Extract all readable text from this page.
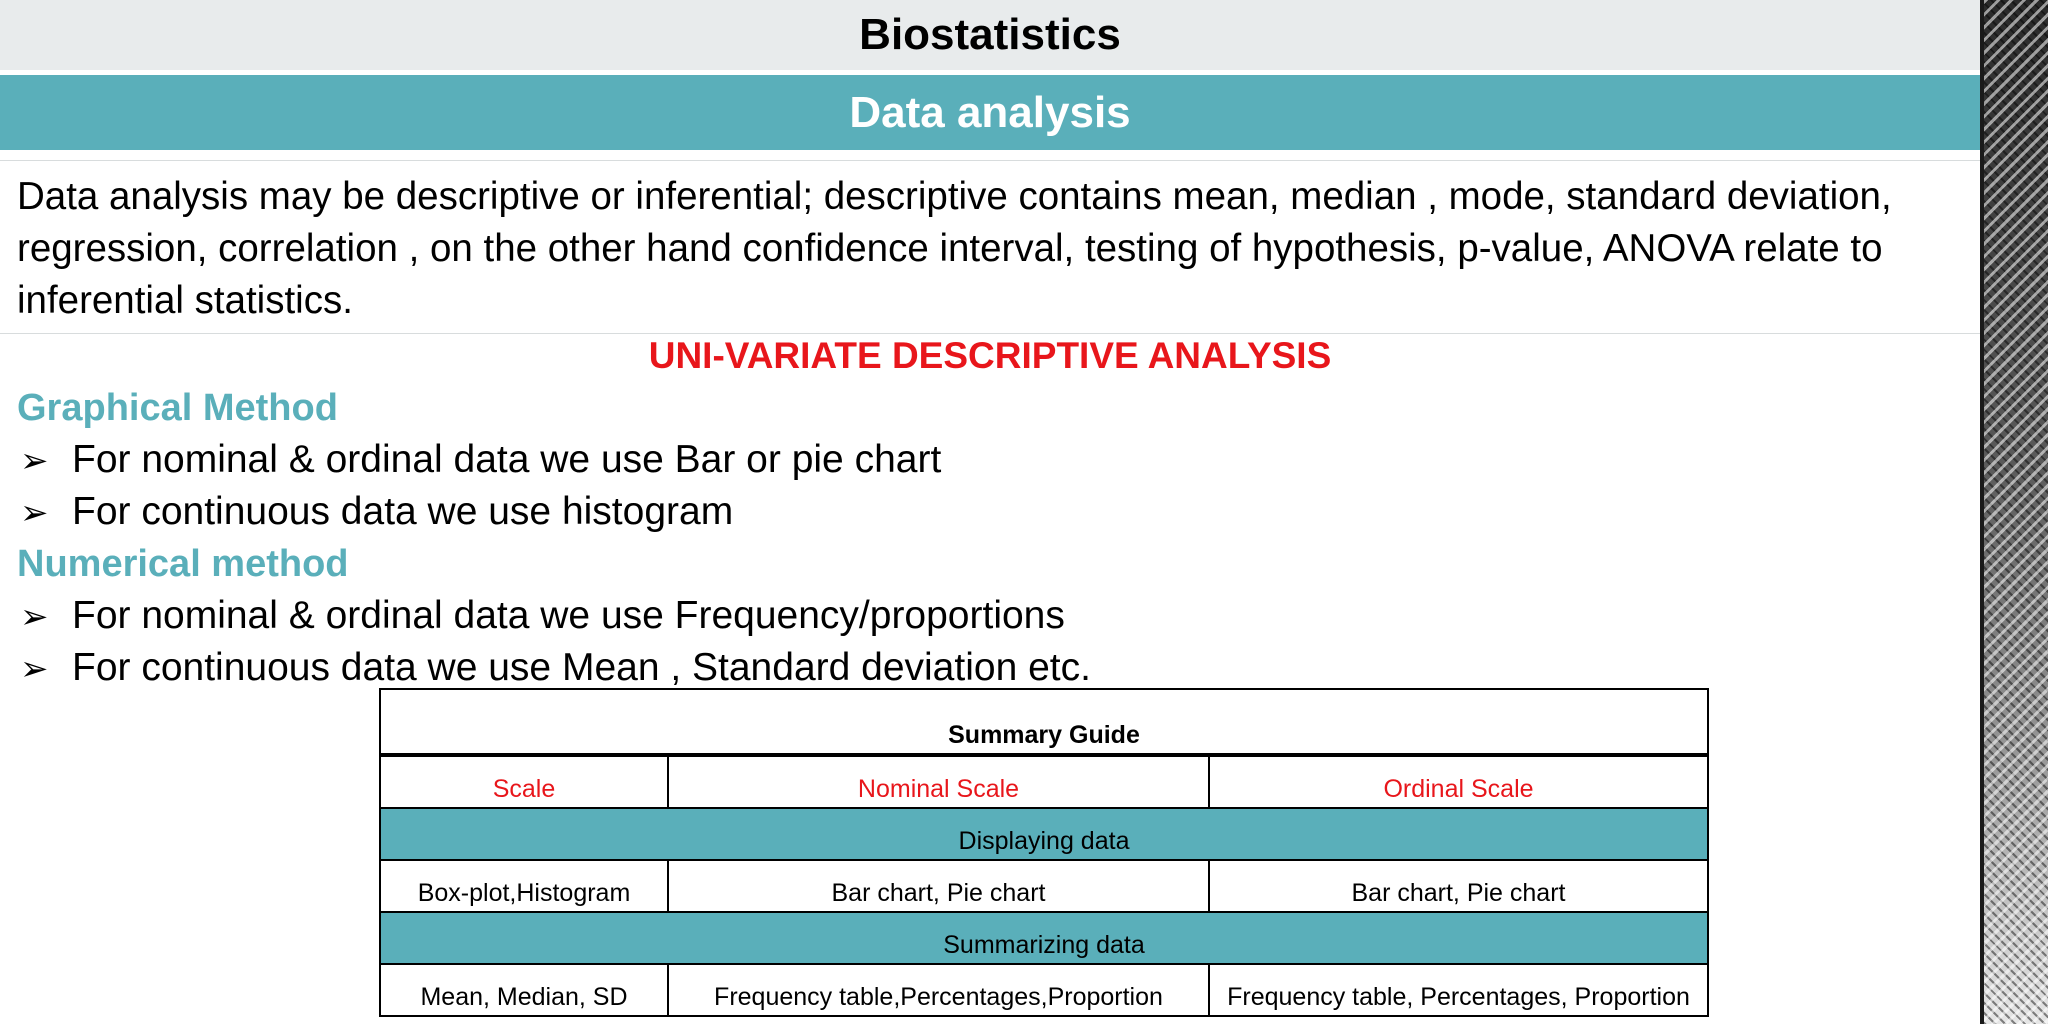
Biostatistics
Data analysis

Data analysis may be descriptive or inferential; descriptive contains mean, median , mode, standard deviation, regression, correlation , on the other hand confidence interval, testing of hypothesis, p-value, ANOVA relate to inferential statistics.

UNI-VARIATE DESCRIPTIVE ANALYSIS
Graphical Method
➢ For nominal & ordinal data we use Bar or pie chart
➢ For continuous data we use histogram
Numerical method
➢ For nominal & ordinal data we use Frequency/proportions
➢ For continuous data we use Mean , Standard deviation etc.
Summary Guide		
Scale	Nominal Scale	Ordinal Scale
Displaying data		
Box-plot,Histogram	Bar chart, Pie chart	Bar chart, Pie chart
Summarizing data		
Mean, Median, SD	Frequency table,Percentages,Proportion	Frequency table, Percentages, Proportion
